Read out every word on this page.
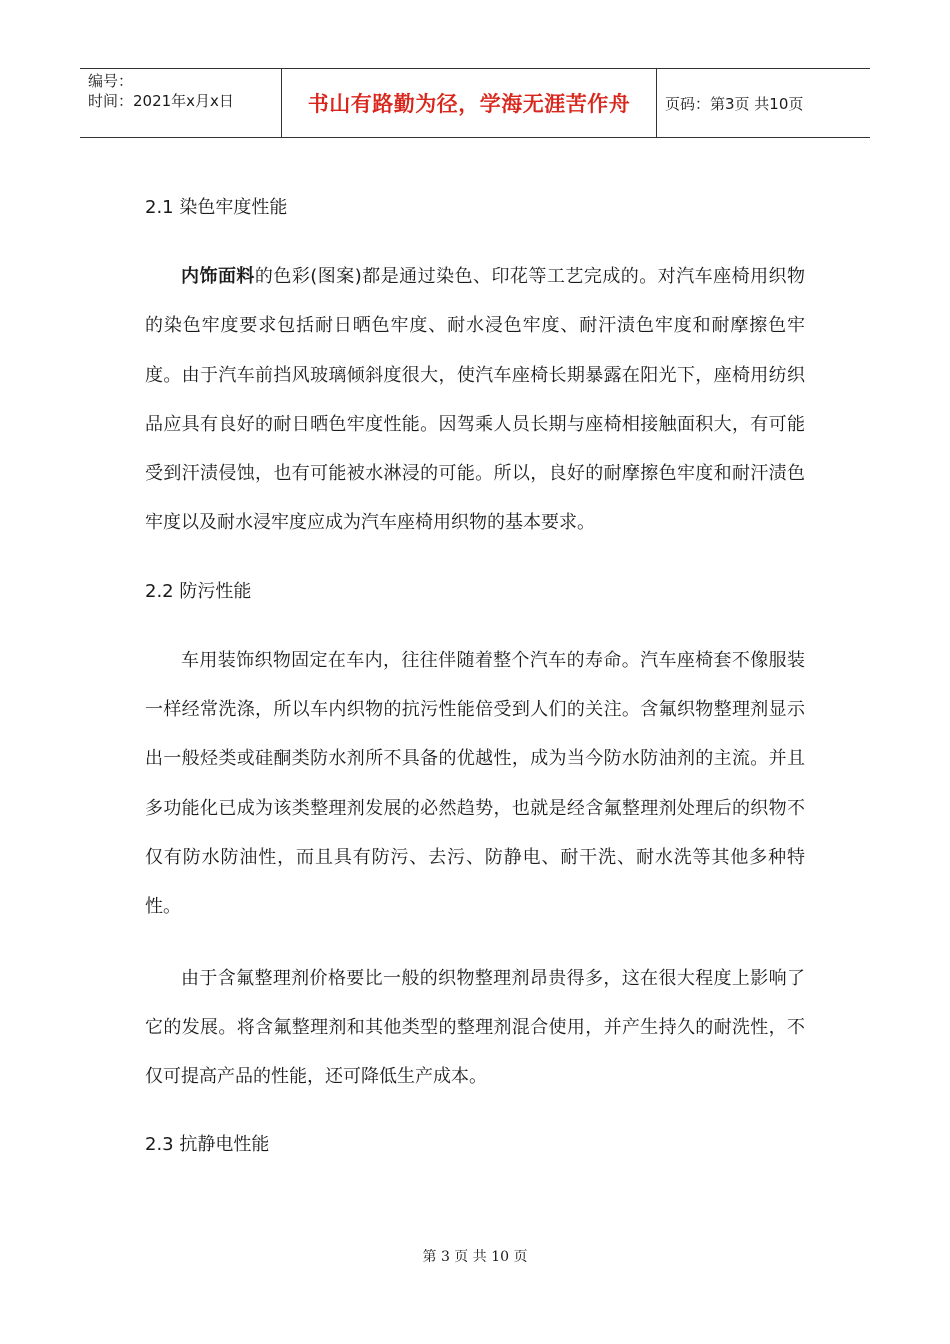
编号：
时间：2021年x月x日	书山有路勤为径，学海无涯苦作舟 页码：第3页 共10页
2.1 染色牢度性能

内饰面料的色彩(图案)都是通过染色、印花等工艺完成的。对汽车座椅用织物的染色牢度要求包括耐日晒色牢度、耐水浸色牢度、耐汗渍色牢度和耐摩擦色牢度。由于汽车前挡风玻璃倾斜度很大，使汽车座椅长期暴露在阳光下，座椅用纺织品应具有良好的耐日晒色牢度性能。因驾乘人员长期与座椅相接触面积大，有可能受到汗渍侵蚀，也有可能被水淋浸的可能。所以，良好的耐摩擦色牢度和耐汗渍色牢度以及耐水浸牢度应成为汽车座椅用织物的基本要求。

2.2 防污性能

车用装饰织物固定在车内，往往伴随着整个汽车的寿命。汽车座椅套不像服装一样经常洗涤，所以车内织物的抗污性能倍受到人们的关注。含氟织物整理剂显示出一般烃类或硅酮类防水剂所不具备的优越性，成为当今防水防油剂的主流。并且多功能化已成为该类整理剂发展的必然趋势，也就是经含氟整理剂处理后的织物不仅有防水防油性，而且具有防污、去污、防静电、耐干洗、耐水洗等其他多种特性。

由于含氟整理剂价格要比一般的织物整理剂昂贵得多，这在很大程度上影响了它的发展。将含氟整理剂和其他类型的整理剂混合使用，并产生持久的耐洗性，不仅可提高产品的性能，还可降低生产成本。

2.3 抗静电性能
第 3 页 共 10 页
